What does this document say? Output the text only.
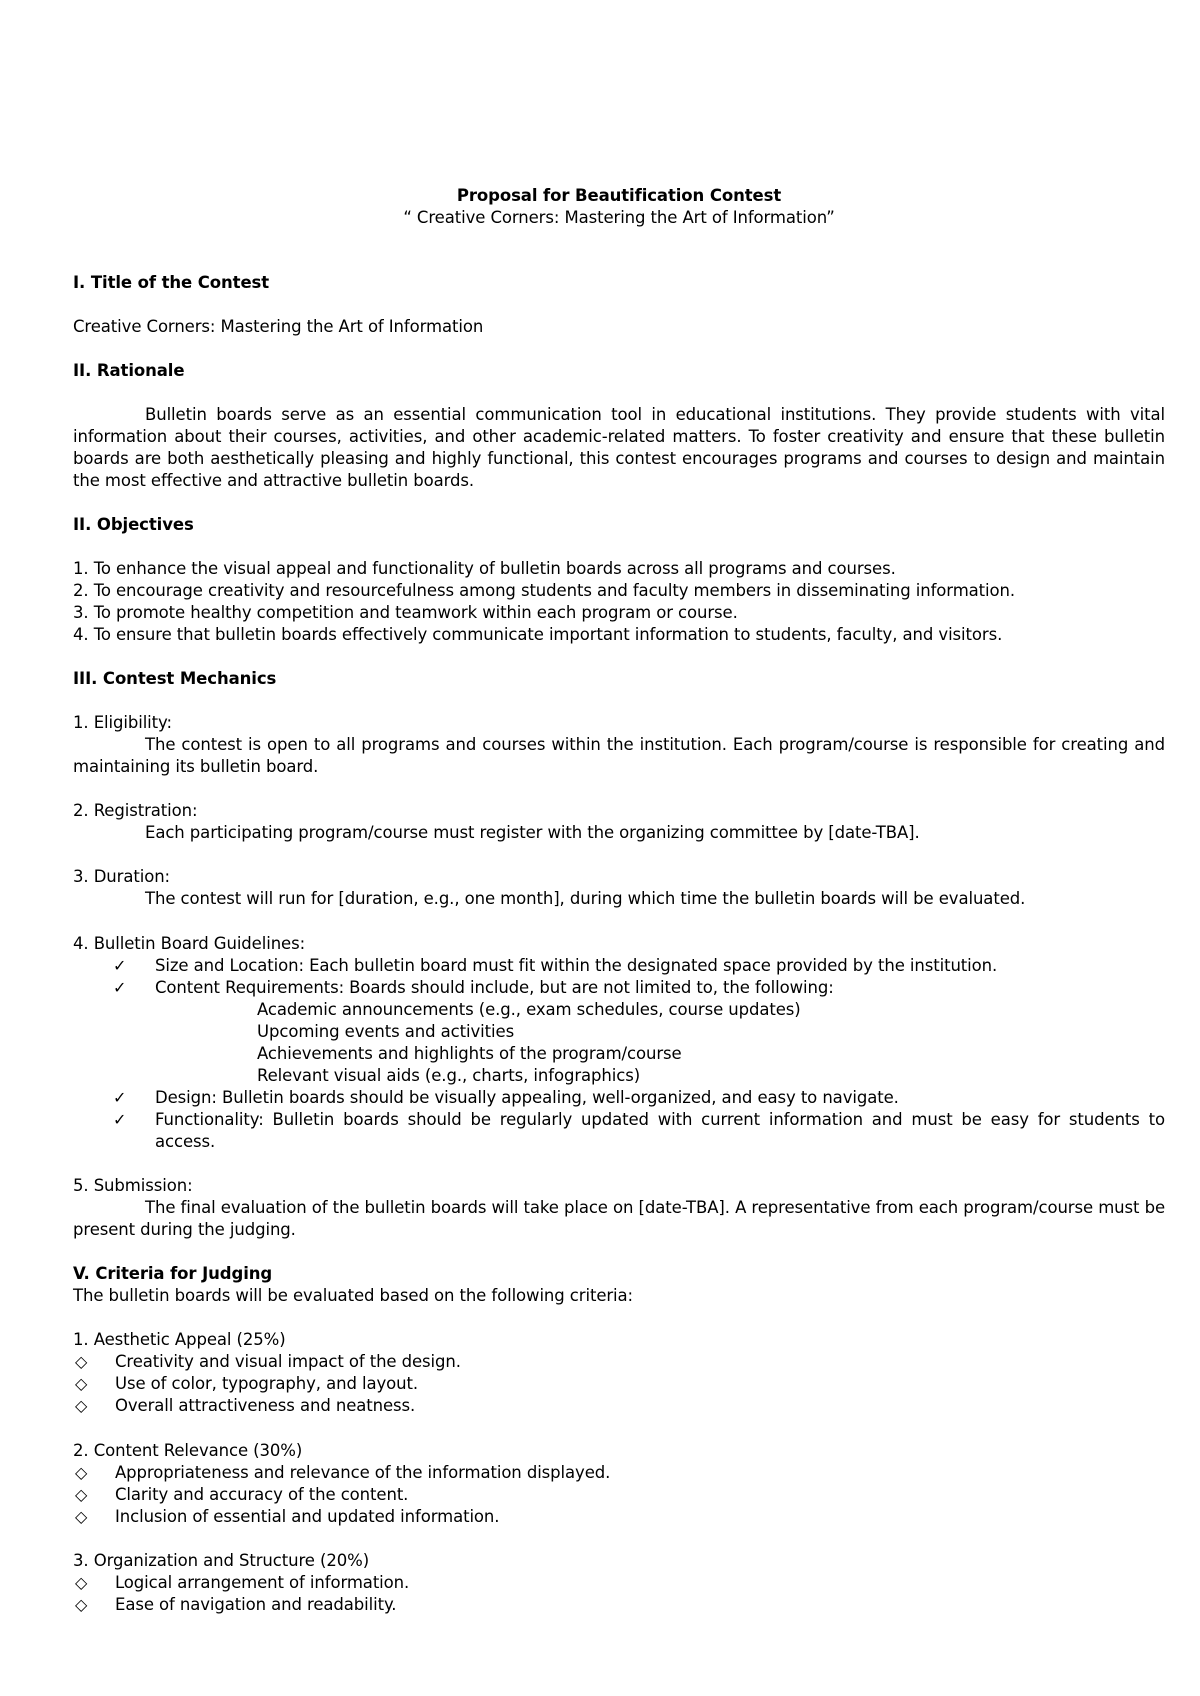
Proposal for Beautification Contest
“ Creative Corners: Mastering the Art of Information”
I. Title of the Contest
Creative Corners: Mastering the Art of Information
II. Rationale
Bulletin boards serve as an essential communication tool in educational institutions. They provide students with vital information about their courses, activities, and other academic-related matters. To foster creativity and ensure that these bulletin boards are both aesthetically pleasing and highly functional, this contest encourages programs and courses to design and maintain the most effective and attractive bulletin boards.
II. Objectives
1. To enhance the visual appeal and functionality of bulletin boards across all programs and courses.
2. To encourage creativity and resourcefulness among students and faculty members in disseminating information.
3. To promote healthy competition and teamwork within each program or course.
4. To ensure that bulletin boards effectively communicate important information to students, faculty, and visitors.
III. Contest Mechanics
1. Eligibility:
The contest is open to all programs and courses within the institution. Each program/course is responsible for creating and maintaining its bulletin board.
2. Registration:
Each participating program/course must register with the organizing committee by [date-TBA].
3. Duration:
The contest will run for [duration, e.g., one month], during which time the bulletin boards will be evaluated.
4. Bulletin Board Guidelines:
✓ Size and Location: Each bulletin board must fit within the designated space provided by the institution.
✓ Content Requirements: Boards should include, but are not limited to, the following:
Academic announcements (e.g., exam schedules, course updates)
Upcoming events and activities
Achievements and highlights of the program/course
Relevant visual aids (e.g., charts, infographics)
✓ Design: Bulletin boards should be visually appealing, well-organized, and easy to navigate.
✓ Functionality: Bulletin boards should be regularly updated with current information and must be easy for students to access.
5. Submission:
The final evaluation of the bulletin boards will take place on [date-TBA]. A representative from each program/course must be present during the judging.
V. Criteria for Judging
The bulletin boards will be evaluated based on the following criteria:
1. Aesthetic Appeal (25%)
◇ Creativity and visual impact of the design.
◇ Use of color, typography, and layout.
◇ Overall attractiveness and neatness.
2. Content Relevance (30%)
◇ Appropriateness and relevance of the information displayed.
◇ Clarity and accuracy of the content.
◇ Inclusion of essential and updated information.
3. Organization and Structure (20%)
◇ Logical arrangement of information.
◇ Ease of navigation and readability.
